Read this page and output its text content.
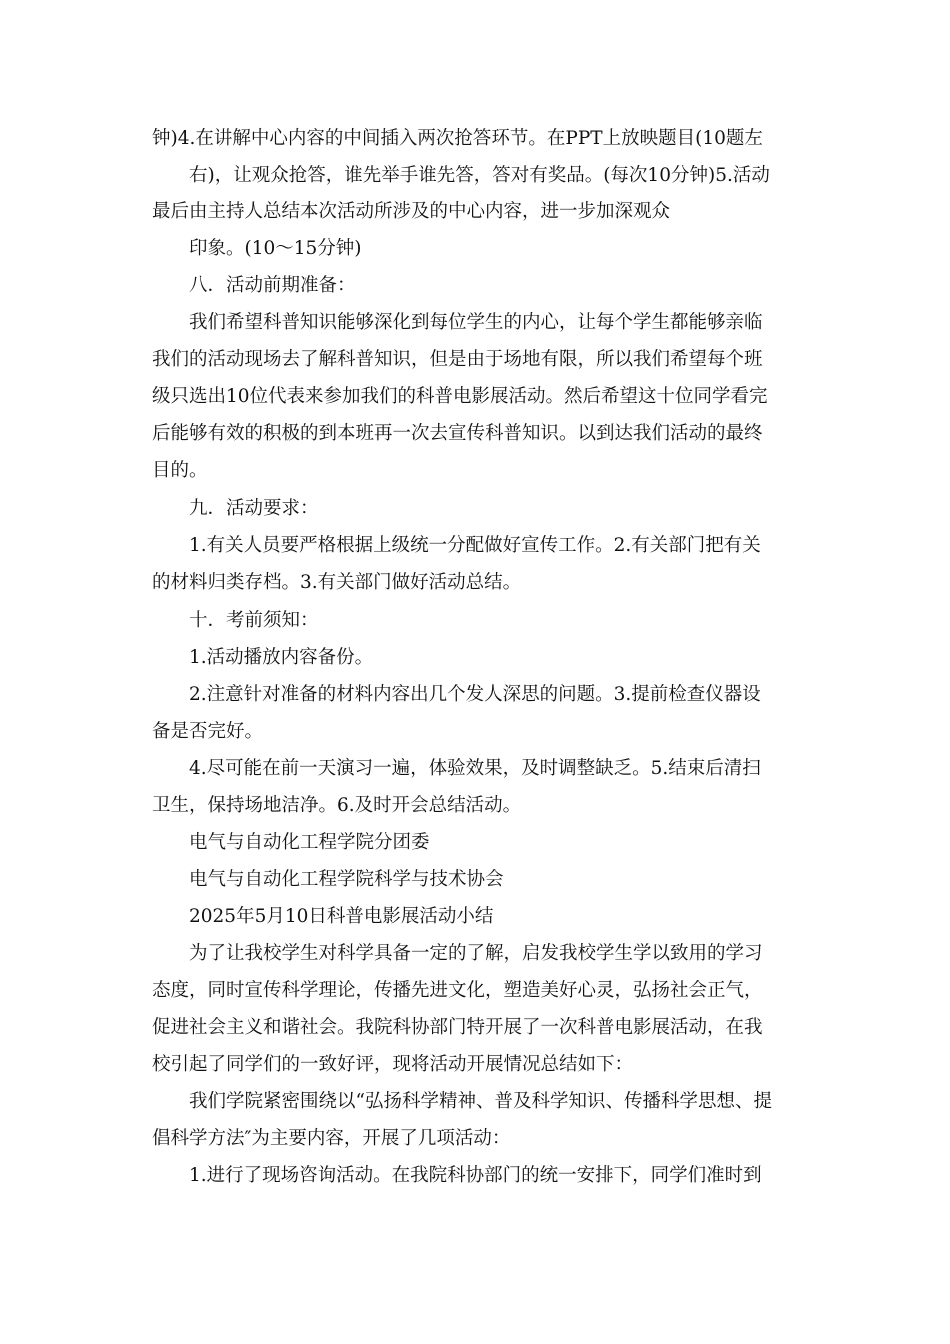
钟)4.在讲解中心内容的中间插入两次抢答环节。在PPT上放映题目(10题左
右)，让观众抢答，谁先举手谁先答，答对有奖品。(每次10分钟)5.活动
最后由主持人总结本次活动所涉及的中心内容，进一步加深观众
印象。(10～15分钟)
八．活动前期准备：
我们希望科普知识能够深化到每位学生的内心，让每个学生都能够亲临
我们的活动现场去了解科普知识，但是由于场地有限，所以我们希望每个班
级只选出10位代表来参加我们的科普电影展活动。然后希望这十位同学看完
后能够有效的积极的到本班再一次去宣传科普知识。以到达我们活动的最终
目的。
九．活动要求：
1.有关人员要严格根据上级统一分配做好宣传工作。2.有关部门把有关
的材料归类存档。3.有关部门做好活动总结。
十．考前须知：
1.活动播放内容备份。
2.注意针对准备的材料内容出几个发人深思的问题。3.提前检查仪器设
备是否完好。
4.尽可能在前一天演习一遍，体验效果，及时调整缺乏。5.结束后清扫
卫生，保持场地洁净。6.及时开会总结活动。
电气与自动化工程学院分团委
电气与自动化工程学院科学与技术协会
2025年5月10日科普电影展活动小结
为了让我校学生对科学具备一定的了解，启发我校学生学以致用的学习
态度，同时宣传科学理论，传播先进文化，塑造美好心灵，弘扬社会正气，
促进社会主义和谐社会。我院科协部门特开展了一次科普电影展活动，在我
校引起了同学们的一致好评，现将活动开展情况总结如下：
我们学院紧密围绕以“弘扬科学精神、普及科学知识、传播科学思想、提
倡科学方法″为主要内容，开展了几项活动：
1.进行了现场咨询活动。在我院科协部门的统一安排下，同学们准时到
